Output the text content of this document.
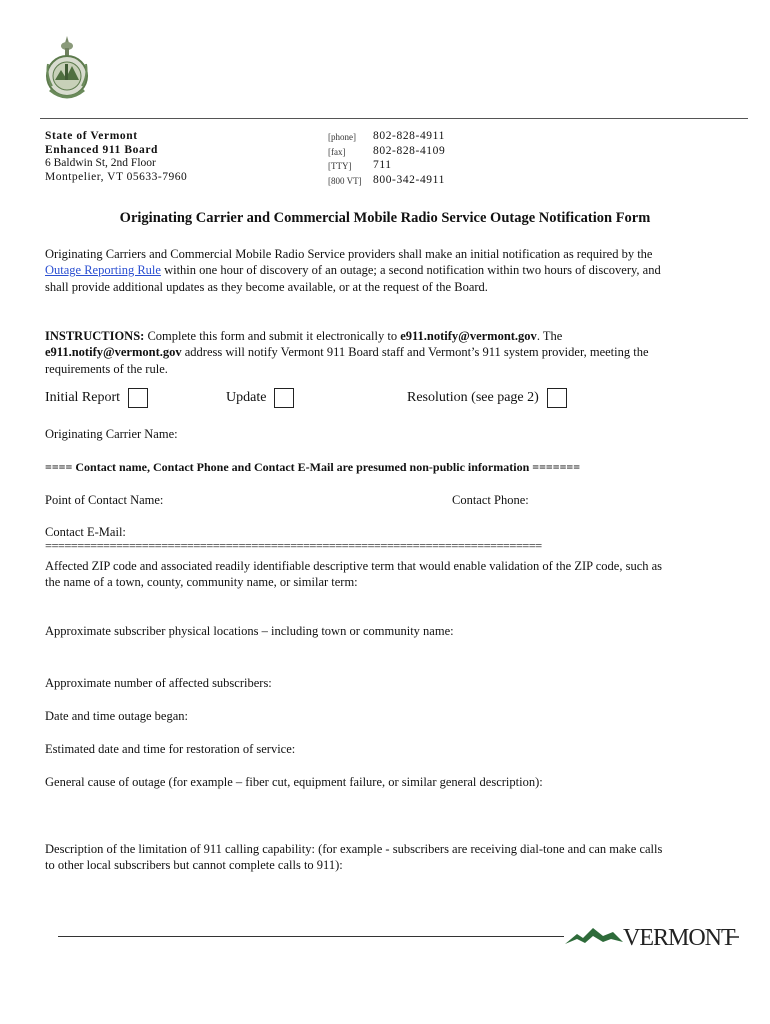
State of Vermont
Enhanced 911 Board
6 Baldwin St, 2nd Floor
Montpelier, VT 05633-7960
[phone]	802-828-4911
[fax]	802-828-4109
[TTY]	711
[800 VT] 800-342-4911
Originating Carrier and Commercial Mobile Radio Service Outage Notification Form
Originating Carriers and Commercial Mobile Radio Service providers shall make an initial notification as required by the Outage Reporting Rule within one hour of discovery of an outage; a second notification within two hours of discovery, and shall provide additional updates as they become available, or at the request of the Board.
INSTRUCTIONS: Complete this form and submit it electronically to e911.notify@vermont.gov. The e911.notify@vermont.gov address will notify Vermont 911 Board staff and Vermont’s 911 system provider, meeting the requirements of the rule.
Initial Report	Update	Resolution (see page 2)
Originating Carrier Name:
==== Contact name, Contact Phone and Contact E-Mail are presumed non-public information =======
Point of Contact Name:	Contact Phone:
Contact E-Mail:
=============================================================================
Affected ZIP code and associated readily identifiable descriptive term that would enable validation of the ZIP code, such as the name of a town, county, community name, or similar term:
Approximate subscriber physical locations – including town or community name:
Approximate number of affected subscribers:
Date and time outage began:
Estimated date and time for restoration of service:
General cause of outage (for example – fiber cut, equipment failure, or similar general description):
Description of the limitation of 911 calling capability: (for example - subscribers are receiving dial-tone and can make calls to other local subscribers but cannot complete calls to 911):
VERMONT
